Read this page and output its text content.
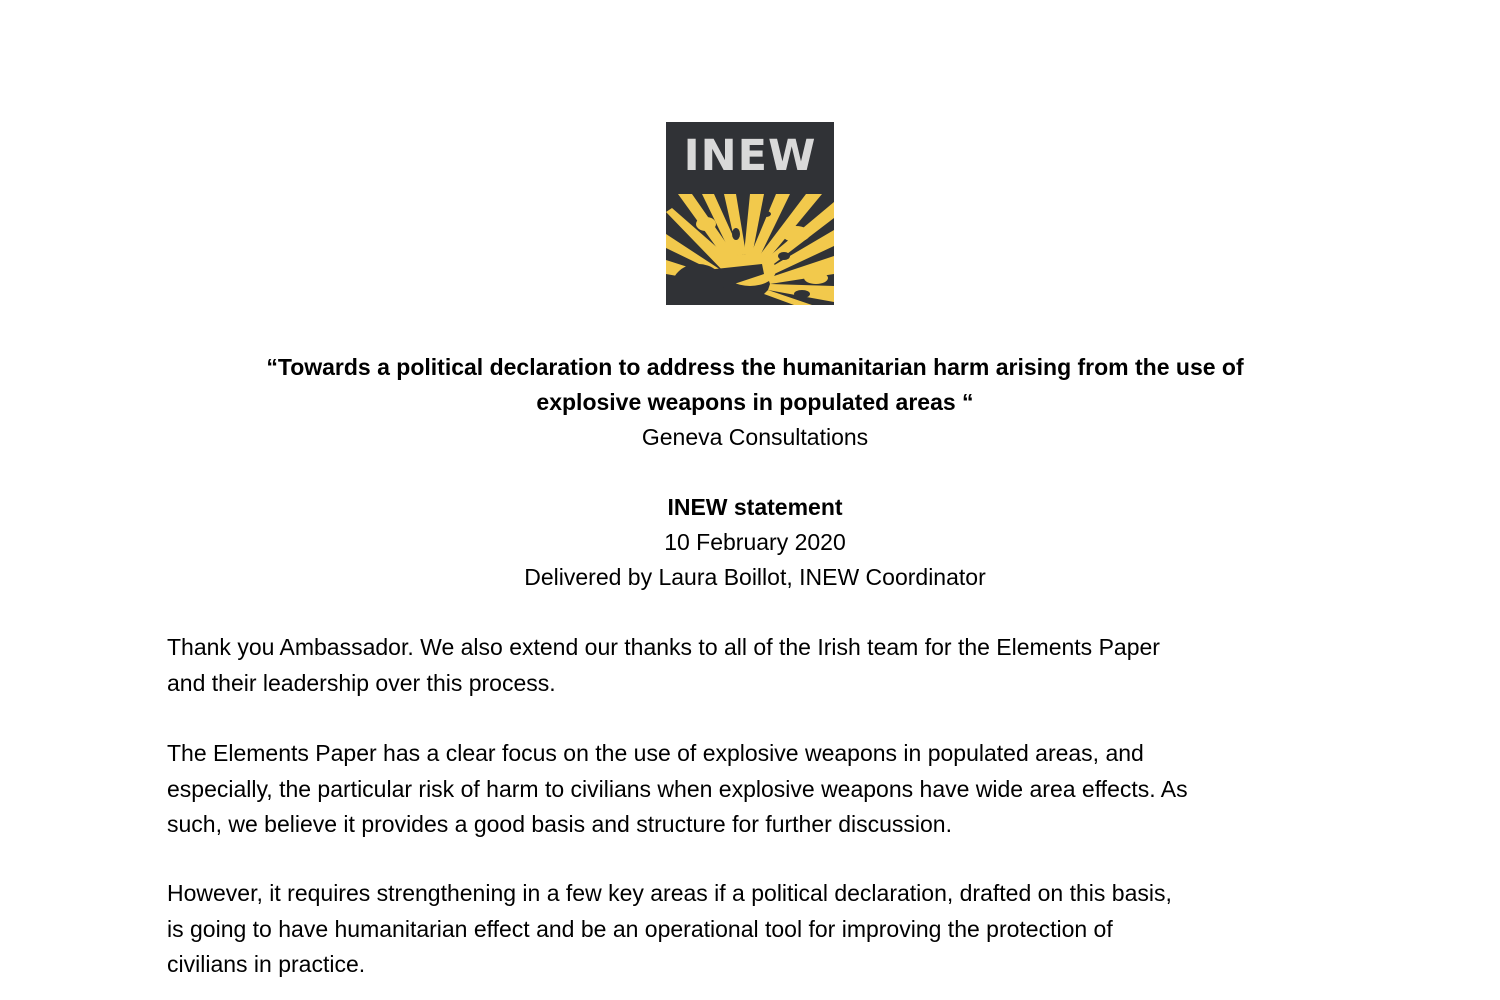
INEW
“Towards a political declaration to address the humanitarian harm arising from the use of
explosive weapons in populated areas “
Geneva Consultations
INEW statement
10 February 2020
Delivered by Laura Boillot, INEW Coordinator

Thank you Ambassador. We also extend our thanks to all of the Irish team for the Elements Paper

and their leadership over this process.

The Elements Paper has a clear focus on the use of explosive weapons in populated areas, and

especially, the particular risk of harm to civilians when explosive weapons have wide area effects. As

such, we believe it provides a good basis and structure for further discussion.

However, it requires strengthening in a few key areas if a political declaration, drafted on this basis,

is going to have humanitarian effect and be an operational tool for improving the protection of

civilians in practice.
